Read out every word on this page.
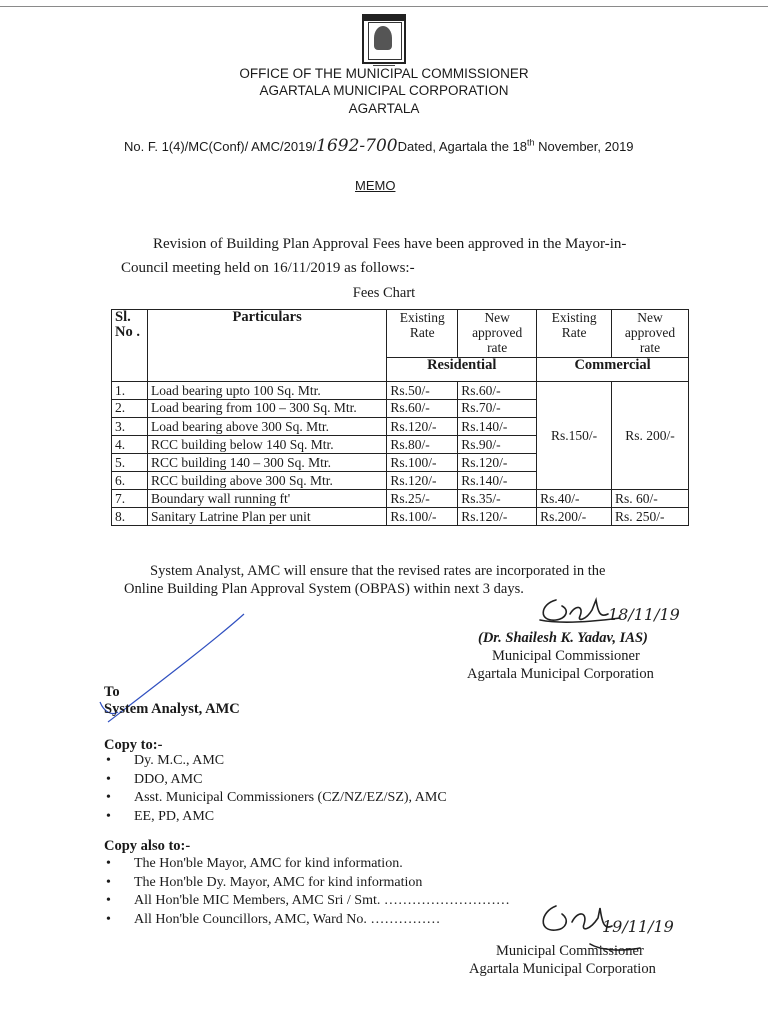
OFFICE OF THE MUNICIPAL COMMISSIONER
AGARTALA MUNICIPAL CORPORATION
AGARTALA
No. F. 1(4)/MC(Conf)/ AMC/2019/1692-700Dated, Agartala the 18th November, 2019
MEMO
Revision of Building Plan Approval Fees have been approved in the Mayor-in-
Council meeting held on 16/11/2019 as follows:-
Fees Chart
Sl. No .	Particulars	Existing Rate	New approved rate	Existing Rate	New approved rate
		Residential		Commercial	
1.	Load bearing upto 100 Sq. Mtr.	Rs.50/-	Rs.60/-	Rs.150/-	Rs. 200/-
2.	Load bearing from 100 – 300 Sq. Mtr.	Rs.60/-	Rs.70/-		
3.	Load bearing above 300 Sq. Mtr.	Rs.120/-	Rs.140/-		
4.	RCC building below 140 Sq. Mtr.	Rs.80/-	Rs.90/-		
5.	RCC building 140 – 300 Sq. Mtr.	Rs.100/-	Rs.120/-		
6.	RCC building above 300 Sq. Mtr.	Rs.120/-	Rs.140/-		
7.	Boundary wall running ft'	Rs.25/-	Rs.35/-	Rs.40/-	Rs. 60/-
8.	Sanitary Latrine Plan per unit	Rs.100/-	Rs.120/-	Rs.200/-	Rs. 250/-
System Analyst, AMC will ensure that the revised rates are incorporated in the
Online Building Plan Approval System (OBPAS) within next 3 days.
18/11/19
19/11/19
(Dr. Shailesh K. Yadav, IAS)
Municipal Commissioner
Agartala Municipal Corporation
To
System Analyst, AMC
Copy to:-
• Dy. M.C., AMC
• DDO, AMC
• Asst. Municipal Commissioners (CZ/NZ/EZ/SZ), AMC
• EE, PD, AMC
Copy also to:-
• The Hon'ble Mayor, AMC for kind information.
• The Hon'ble Dy. Mayor, AMC for kind information
• All Hon'ble MIC Members, AMC Sri / Smt. ………………………
• All Hon'ble Councillors, AMC, Ward No. ……………
Municipal Commissioner
Agartala Municipal Corporation
